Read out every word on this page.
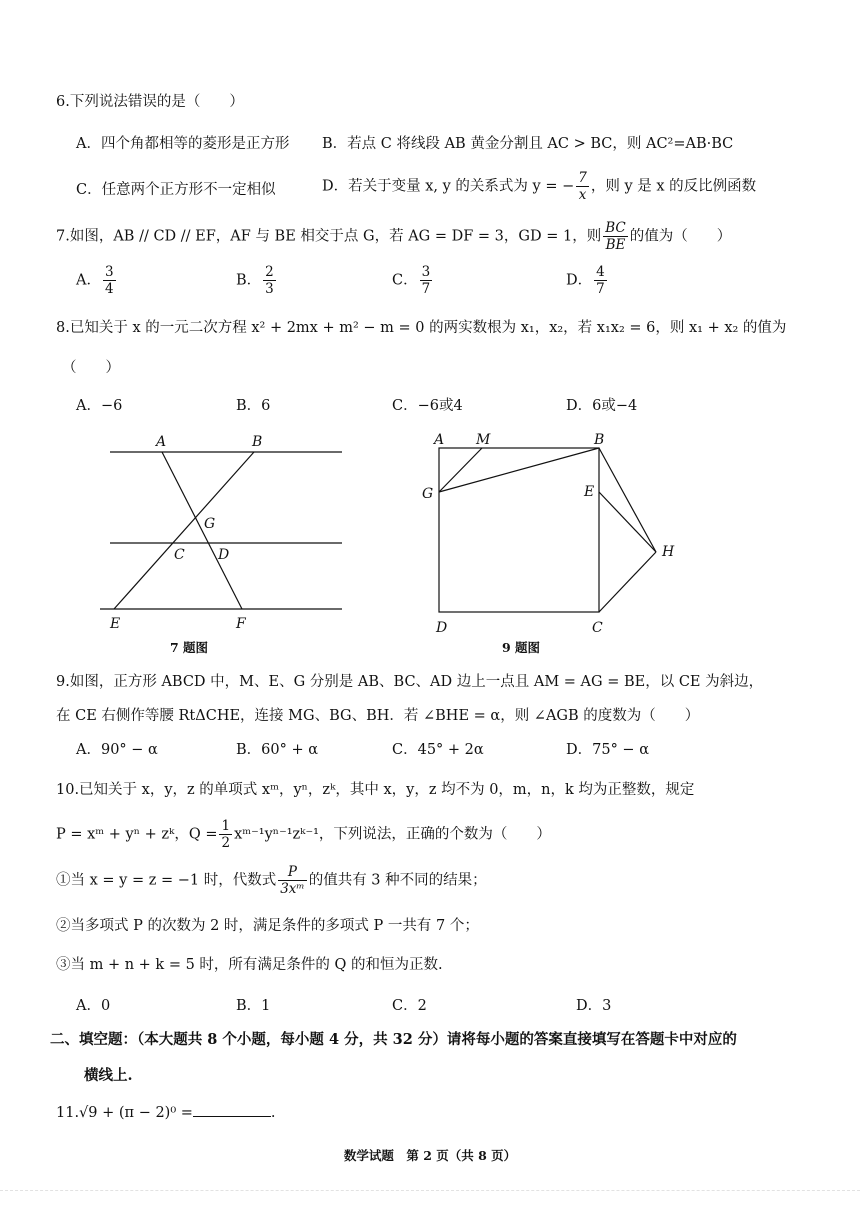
6.下列说法错误的是（　　）
A．四个角都相等的菱形是正方形 B．若点 C 将线段 AB 黄金分割且 AC > BC，则 AC²=AB·BC
C．任意两个正方形不一定相似	D．若关于变量 x, y 的关系式为 y = − $\frac{7}{x}$ ，则 y 是 x 的反比例函数
7.如图，AB // CD // EF，AF 与 BE 相交于点 G，若 AG = DF = 3，GD = 1，则 $\frac{BC}{BE}$ 的值为（　　）
A． $\frac{3}{4}$	B． $\frac{2}{3}$	C． $\frac{3}{7}$	D． $\frac{4}{7}$
8.已知关于 x 的一元二次方程 x² + 2mx + m² − m = 0 的两实数根为 x₁，x₂，若 x₁x₂ = 6，则 x₁ + x₂ 的值为
（　　）
A．−6	B．6	C．−6或4	D．6或−4
A	B
G
C D
E	F
7 题图
A M	B
G	E
H
D	C
9 题图
9.如图，正方形 ABCD 中，M、E、G 分别是 AB、BC、AD 边上一点且 AM = AG = BE，以 CE 为斜边，
在 CE 右侧作等腰 RtΔCHE，连接 MG、BG、BH．若 ∠BHE = α，则 ∠AGB 的度数为（　　）
A．90° − α	B．60° + α	C．45° + 2α	D．75° − α
10.已知关于 x，y，z 的单项式 xᵐ，yⁿ，zᵏ，其中 x，y，z 均不为 0，m，n，k 均为正整数，规定
P = xᵐ + yⁿ + zᵏ，$Q = \frac{1}{2}$ xᵐ⁻¹yⁿ⁻¹zᵏ⁻¹，下列说法，正确的个数为（　　）
①当 x = y = z = −1 时，代数式 $\frac{P}{\text{3xᵐ}}$ 的值共有 3 种不同的结果；
②当多项式 P 的次数为 2 时，满足条件的多项式 P 一共有 7 个；
③当 m + n + k = 5 时，所有满足条件的 Q 的和恒为正数.
A．0	B．1	C．2	D．3
二、填空题：（本大题共 8 个小题，每小题 4 分，共 32 分）请将每小题的答案直接填写在答题卡中对应的
横线上.
11.√9 + (π − 2)⁰ =	.
数学试题　第 2 页（共 8 页）
